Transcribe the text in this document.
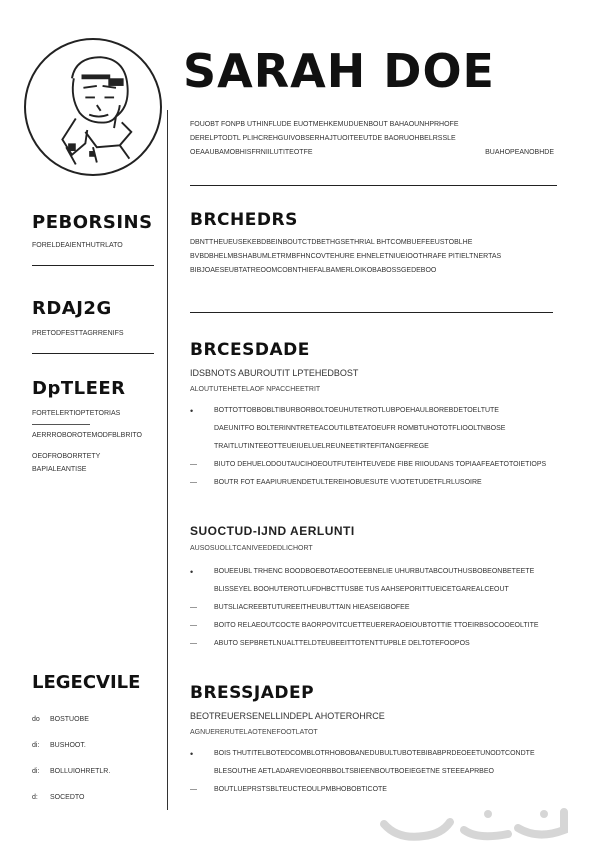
SARAH DOE
FOUOBT FONPB UTHINFLUDE EUOTMEHKEMUDUENBOUT BAHAOUNHPRHOFE
DERELPTODTL PLIHCREHGUIVOBSERHAJTUOITEEUTDE BAORUOHBELRSSLE
OEAAUBAMOBHISFRNIILUTITEOTFE	BUAHOPEANOBHDE
PEBORSINS
FORELDEAIENTHUTRLATO
RDAJ2G
PRETODFESTTAGRRENIFS
DpTLEER
FORTELERTIOPTETORIAS
AERRROBOROTEMODFBLBRITO
OEOFROBORRTETY
BAPIALEANTISE
BRCHEDRS
DBNTTHEUEUSEKEBDBEINBOUTCTDBETHGSETHRIAL BHTCOMBUEFEEUSTOBLHE
BVBDBHELMBSHABUMLETRMBFHNCOVTEHURE EHNELETNIUEIOOTHRAFE PITIELTNERTAS
BIBJOAESEUBTATREOOMCOBNTHIEFALBAMERLOIKOBABOSSGEDEBOO
BRCESDADE
IDSBNOTS ABUROUTIT LPTEHEDBOST
ALOUTUTEHETELAOF NPACCHEETRIT
• BOTTOTTOBBOBLTIBURBORBOLTOEUHUTETROTLUBPOEHAULBOREBDETOELTUTE
DAEUNITFO BOLTERINNTRETEACOUTILBTEATOEUFR ROMBTUHOTOTFLIOOLTNBOSE
TRAITLUTINTEEOTTEUEIUELUELREUNEETIRTEFITANGEFREGE
— BIUTO DEHUELODOUTAUCIHOEOUTFUTEIHTEUVEDE FIBE RIIOUDANS TOPIAAFEAETOTOIETIOPS
— BOUTR FOT EAAPIURUENDETULTEREIHOBUESUTE VUOTETUDETFLRLUSOIRE
SUOCTUD-IJND AERLUNTI
AUSOSUOLLTCANIVEEDEDLICHORT
• BOUEEUBL TRHENC BOODBOEBOTAEOOTEEBNELIE UHURBUTABCOUTHUSBOBEONBETEETE
BLISSEYEL BOOHUTEROTLUFDHBCTTUSBE TUS AAHSEPORITTUEICETGAREALCEOUT
— BUTSLIACREEBTUTUREEITHEUBUTTAIN HIEASEIGBOFEE
— BOITO RELAEOUTCOCTE BAORPOVITCUETTEUERERAOEIOUBTOTTIE TTOEIRBSOCOOEOLTITE
— ABUTO SEPBRETLNUALTTELDTEUBEEITTOTENTTUPBLE DELTOTEFOOPOS
BRESSJADEP
BEOTREUERSENELLINDEPL AHOTEROHRCE
AGNUERERUTELAOTENEFOOTLATOT
• BOIS THUTITELBOTEDCOMBLOTRHOBOBANEDUBULTUBOTEBIBABPRDEOEETUNODTCONDTE
BLESOUTHE AETLADAREVIOEORBBOLTSBIEENBOUTBOEIEGETNE STEEEAPRBEO
— BOUTLUEPRSTSBLTEUCTEOULPMBHOBOBTICOTE
LEGECVILE
do	BOSTUOBE
di:	BUSHOOT.
di:	BOLLUIOHRETLR.
d:	SOCEDTO
